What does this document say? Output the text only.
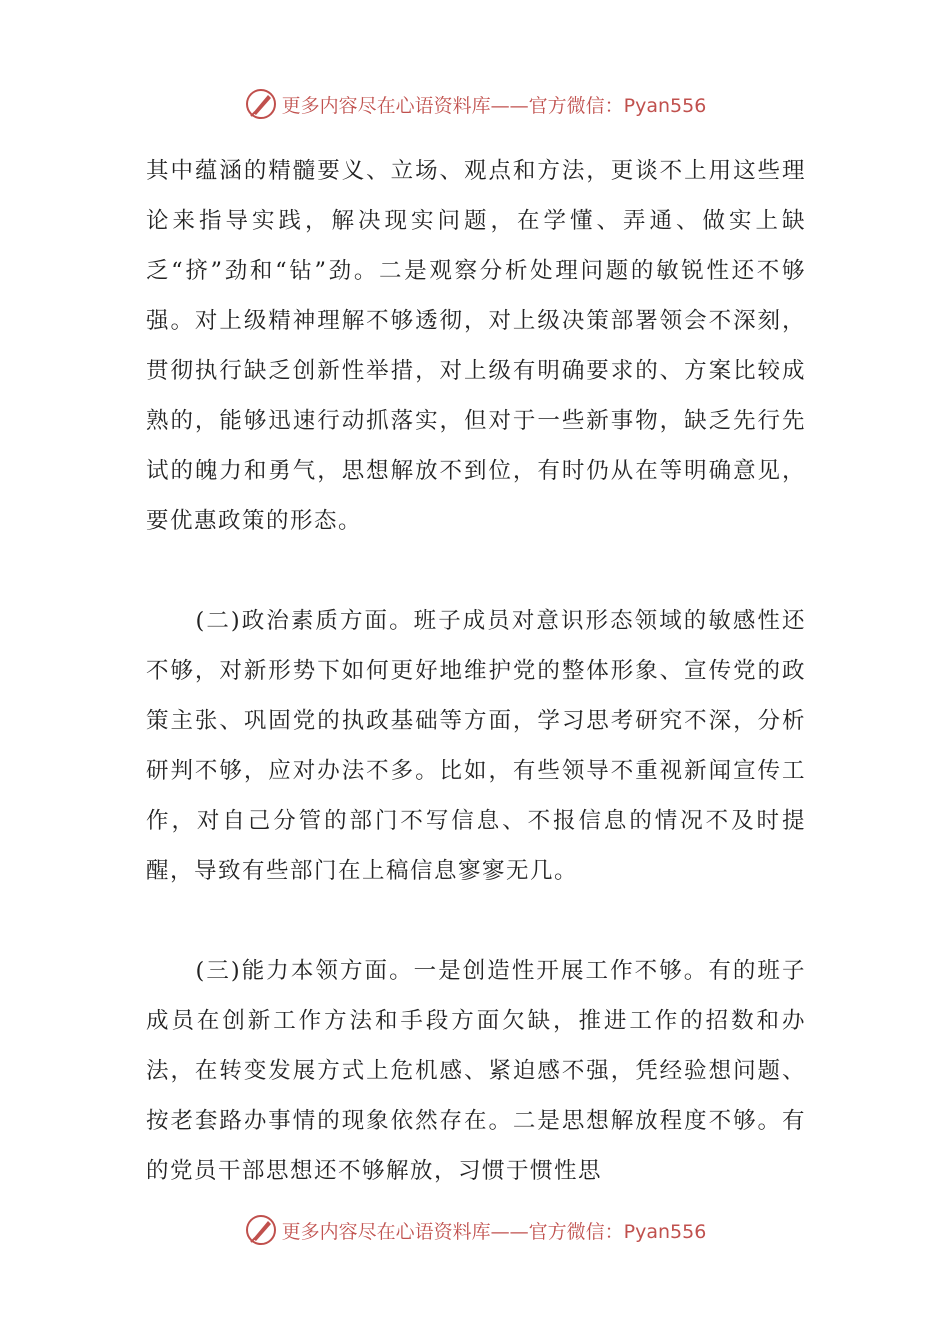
更多内容尽在心语资料库——官方微信：Pyan556

其中蕴涵的精髓要义、立场、观点和方法，更谈不上用这些理论来指导实践，解决现实问题，在学懂、弄通、做实上缺乏“挤”劲和“钻”劲。二是观察分析处理问题的敏锐性还不够强。对上级精神理解不够透彻，对上级决策部署领会不深刻，贯彻执行缺乏创新性举措，对上级有明确要求的、方案比较成熟的，能够迅速行动抓落实，但对于一些新事物，缺乏先行先试的魄力和勇气，思想解放不到位，有时仍从在等明确意见，要优惠政策的形态。

(二)政治素质方面。班子成员对意识形态领域的敏感性还不够，对新形势下如何更好地维护党的整体形象、宣传党的政策主张、巩固党的执政基础等方面，学习思考研究不深，分析研判不够，应对办法不多。比如，有些领导不重视新闻宣传工作，对自己分管的部门不写信息、不报信息的情况不及时提醒，导致有些部门在上稿信息寥寥无几。

(三)能力本领方面。一是创造性开展工作不够。有的班子成员在创新工作方法和手段方面欠缺，推进工作的招数和办法，在转变发展方式上危机感、紧迫感不强，凭经验想问题、按老套路办事情的现象依然存在。二是思想解放程度不够。有的党员干部思想还不够解放，习惯于惯性思

更多内容尽在心语资料库——官方微信：Pyan556
